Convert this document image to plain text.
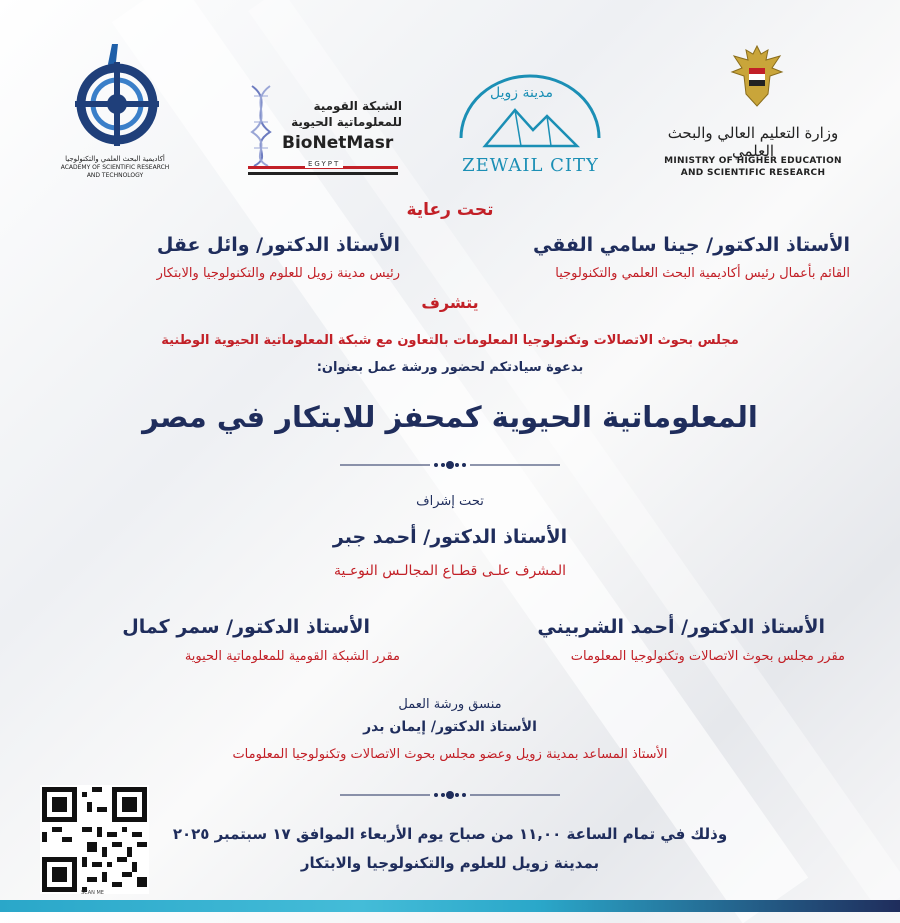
وزارة التعليم العالي والبحث العلمي
MINISTRY OF HIGHER EDUCATION
AND SCIENTIFIC RESEARCH
مدينة زويل
ZEWAIL CITY
الشبكة القومية
للمعلوماتية الحيوية
BioNetMasr
EGYPT
أكاديمية البحث العلمي والتكنولوجيا
ACADEMY OF SCIENTIFIC RESEARCH
AND TECHNOLOGY
تحت رعاية
الأستاذ الدكتور/ جينا سامي الفقي
القائم بأعمال رئيس أكاديمية البحث العلمي والتكنولوجيا
الأستاذ الدكتور/ وائل عقل
رئيس مدينة زويل للعلوم والتكنولوجيا والابتكار
يتشرف
مجلس بحوث الاتصالات وتكنولوجيا المعلومات بالتعاون مع شبكة المعلوماتية الحيوية الوطنية
بدعوة سيادتكم لحضور ورشة عمل بعنوان:
المعلوماتية الحيوية كمحفز للابتكار في مصر
تحت إشراف
الأستاذ الدكتور/ أحمد جبر
المشرف علـى قطـاع المجالـس النوعـية
الأستاذ الدكتور/ أحمد الشربيني
مقرر مجلس بحوث الاتصالات وتكنولوجيا المعلومات
الأستاذ الدكتور/ سمر كمال
مقرر الشبكة القومية للمعلوماتية الحيوية
منسق ورشة العمل
الأستاذ الدكتور/ إيمان بدر
الأستاذ المساعد بمدينة زويل وعضو مجلس بحوث الاتصالات وتكنولوجيا المعلومات
وذلك في تمام الساعة ١١,٠٠ من صباح يوم الأربعاء الموافق ١٧ سبتمبر ٢٠٢٥
بمدينة زويل للعلوم والتكنولوجيا والابتكار
SCAN ME
